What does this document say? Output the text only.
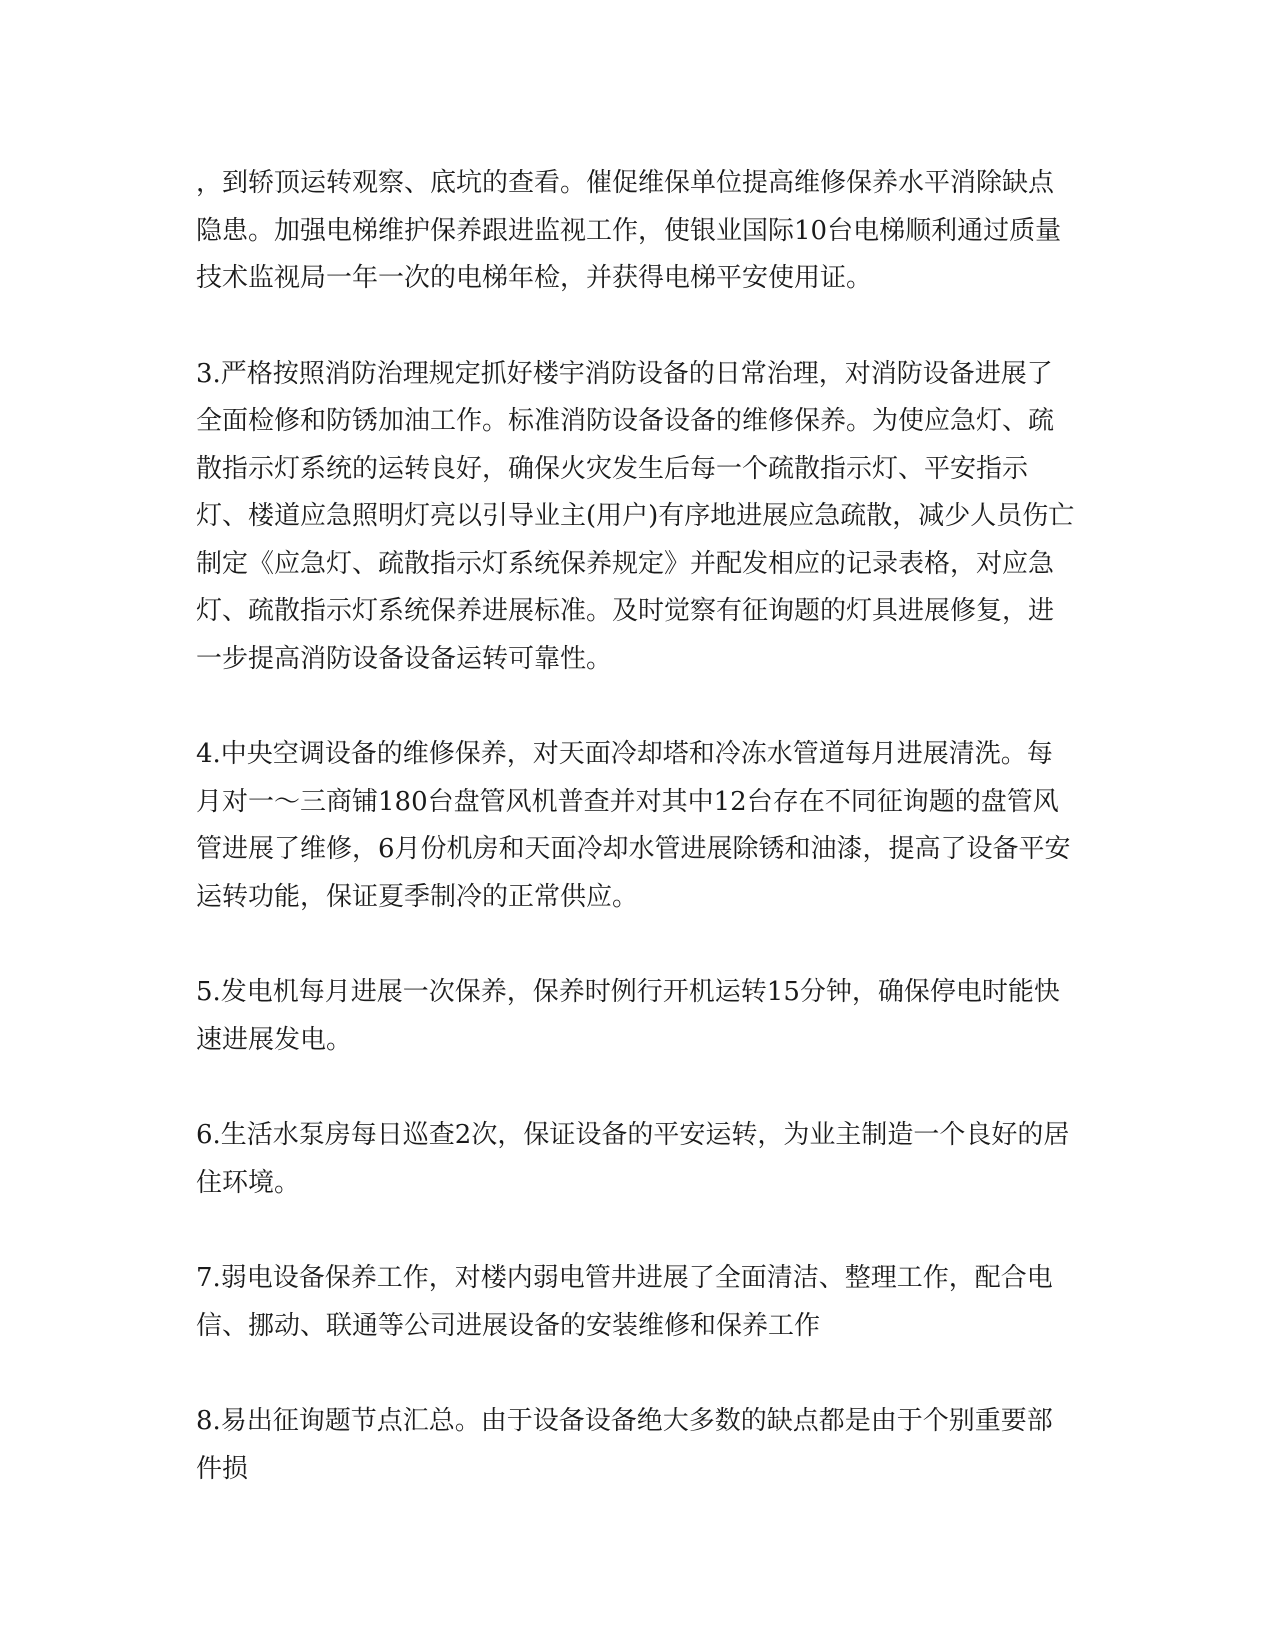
，到轿顶运转观察、底坑的查看。催促维保单位提高维修保养水平消除缺点隐患。加强电梯维护保养跟进监视工作，使银业国际10台电梯顺利通过质量技术监视局一年一次的电梯年检，并获得电梯平安使用证。

3.严格按照消防治理规定抓好楼宇消防设备的日常治理，对消防设备进展了全面检修和防锈加油工作。标准消防设备设备的维修保养。为使应急灯、疏散指示灯系统的运转良好，确保火灾发生后每一个疏散指示灯、平安指示灯、楼道应急照明灯亮以引导业主(用户)有序地进展应急疏散，减少人员伤亡制定《应急灯、疏散指示灯系统保养规定》并配发相应的记录表格，对应急灯、疏散指示灯系统保养进展标准。及时觉察有征询题的灯具进展修复，进一步提高消防设备设备运转可靠性。

4.中央空调设备的维修保养，对天面冷却塔和冷冻水管道每月进展清洗。每月对一～三商铺180台盘管风机普查并对其中12台存在不同征询题的盘管风管进展了维修，6月份机房和天面冷却水管进展除锈和油漆，提高了设备平安运转功能，保证夏季制冷的正常供应。

5.发电机每月进展一次保养，保养时例行开机运转15分钟，确保停电时能快速进展发电。

6.生活水泵房每日巡查2次，保证设备的平安运转，为业主制造一个良好的居住环境。

7.弱电设备保养工作，对楼内弱电管井进展了全面清洁、整理工作，配合电信、挪动、联通等公司进展设备的安装维修和保养工作

8.易出征询题节点汇总。由于设备设备绝大多数的缺点都是由于个别重要部件损
